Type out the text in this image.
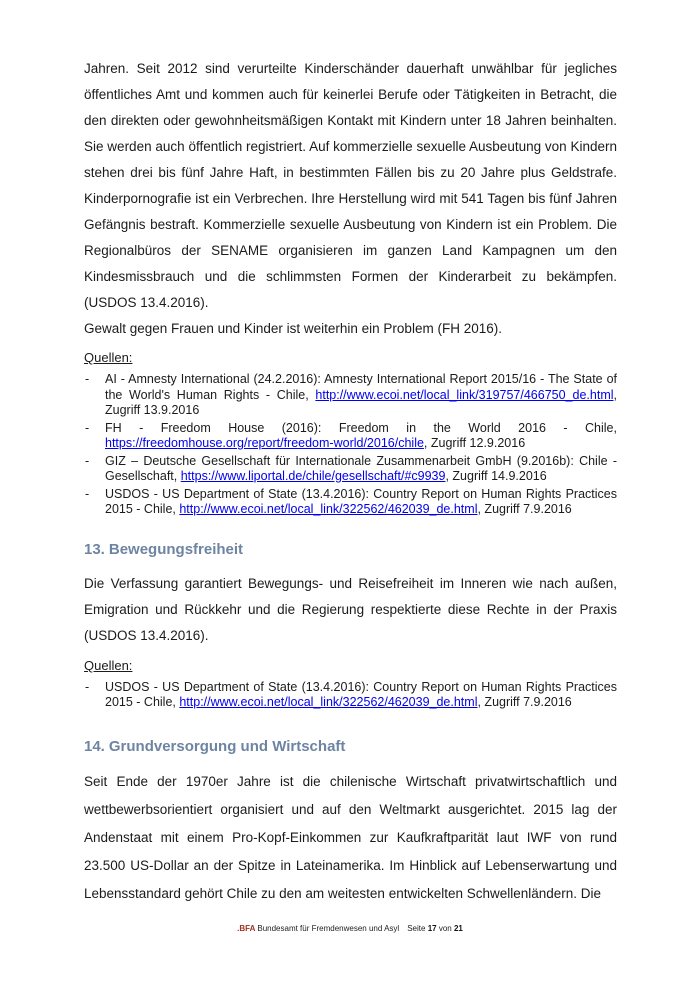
Jahren. Seit 2012 sind verurteilte Kinderschänder dauerhaft unwählbar für jegliches öffentliches Amt und kommen auch für keinerlei Berufe oder Tätigkeiten in Betracht, die den direkten oder gewohnheitsmäßigen Kontakt mit Kindern unter 18 Jahren beinhalten. Sie werden auch öffentlich registriert. Auf kommerzielle sexuelle Ausbeutung von Kindern stehen drei bis fünf Jahre Haft, in bestimmten Fällen bis zu 20 Jahre plus Geldstrafe. Kinderpornografie ist ein Verbrechen. Ihre Herstellung wird mit 541 Tagen bis fünf Jahren Gefängnis bestraft. Kommerzielle sexuelle Ausbeutung von Kindern ist ein Problem. Die Regionalbüros der SENAME organisieren im ganzen Land Kampagnen um den Kindesmissbrauch und die schlimmsten Formen der Kinderarbeit zu bekämpfen. (USDOS 13.4.2016).

Gewalt gegen Frauen und Kinder ist weiterhin ein Problem (FH 2016).

Quellen:

- AI - Amnesty International (24.2.2016): Amnesty International Report 2015/16 - The State of the World's Human Rights - Chile, http://www.ecoi.net/local_link/319757/466750_de.html, Zugriff 13.9.2016
- FH - Freedom House (2016): Freedom in the World 2016 - Chile, https://freedomhouse.org/report/freedom-world/2016/chile, Zugriff 12.9.2016
- GIZ – Deutsche Gesellschaft für Internationale Zusammenarbeit GmbH (9.2016b): Chile - Gesellschaft, https://www.liportal.de/chile/gesellschaft/#c9939, Zugriff 14.9.2016
- USDOS - US Department of State (13.4.2016): Country Report on Human Rights Practices 2015 - Chile, http://www.ecoi.net/local_link/322562/462039_de.html, Zugriff 7.9.2016
13. Bewegungsfreiheit

Die Verfassung garantiert Bewegungs- und Reisefreiheit im Inneren wie nach außen, Emigration und Rückkehr und die Regierung respektierte diese Rechte in der Praxis (USDOS 13.4.2016).

Quellen:

- USDOS - US Department of State (13.4.2016): Country Report on Human Rights Practices 2015 - Chile, http://www.ecoi.net/local_link/322562/462039_de.html, Zugriff 7.9.2016
14. Grundversorgung und Wirtschaft

Seit Ende der 1970er Jahre ist die chilenische Wirtschaft privatwirtschaftlich und wettbewerbsorientiert organisiert und auf den Weltmarkt ausgerichtet. 2015 lag der Andenstaat mit einem Pro-Kopf-Einkommen zur Kaufkraftparität laut IWF von rund 23.500 US-Dollar an der Spitze in Lateinamerika. Im Hinblick auf Lebenserwartung und Lebensstandard gehört Chile zu den am weitesten entwickelten Schwellenländern. Die

.BFA Bundesamt für Fremdenwesen und Asyl Seite 17 von 21
